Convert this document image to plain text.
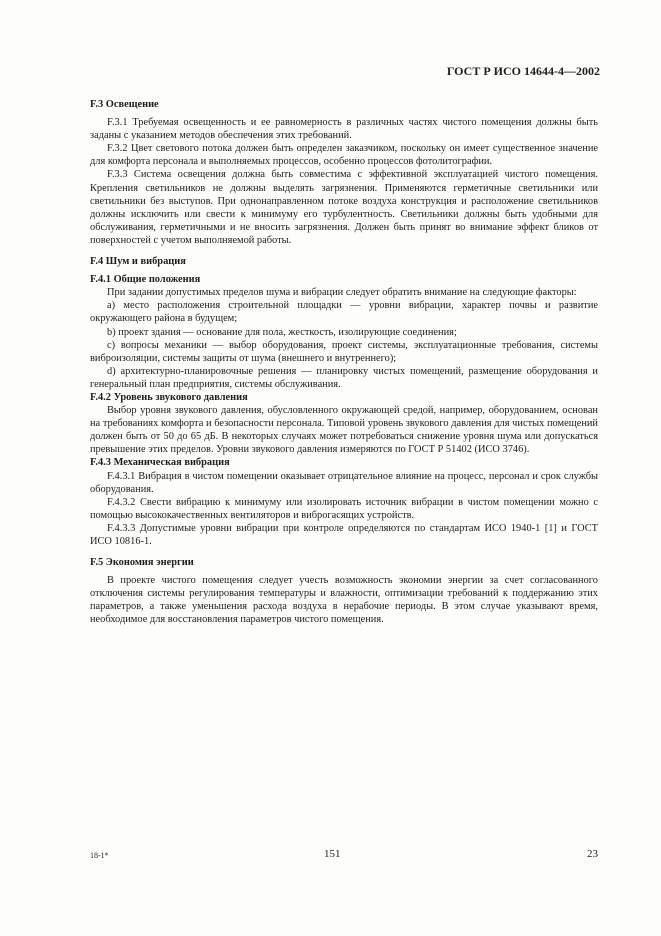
ГОСТ Р ИСО 14644-4—2002
F.3 Освещение

F.3.1 Требуемая освещенность и ее равномерность в различных частях чистого помещения должны быть заданы с указанием методов обеспечения этих требований.

F.3.2 Цвет светового потока должен быть определен заказчиком, поскольку он имеет существенное значение для комфорта персонала и выполняемых процессов, особенно процессов фотолитографии.

F.3.3 Система освещения должна быть совместима с эффективной эксплуатацией чистого помещения. Крепления светильников не должны выделять загрязнения. Применяются герметичные светильники или светильники без выступов. При однонаправленном потоке воздуха конструкция и расположение светильников должны исключить или свести к минимуму его турбулентность. Светильники должны быть удобными для обслуживания, герметичными и не вносить загрязнения. Должен быть принят во внимание эффект бликов от поверхностей с учетом выполняемой работы.

F.4 Шум и вибрация
F.4.1 Общие положения

При задании допустимых пределов шума и вибрации следует обратить внимание на следующие факторы:

а) место расположения строительной площадки — уровни вибрации, характер почвы и развитие окружающего района в будущем;

b) проект здания — основание для пола, жесткость, изолирующие соединения;

с) вопросы механики — выбор оборудования, проект системы, эксплуатационные требования, системы виброизоляции, системы защиты от шума (внешнего и внутреннего);

d) архитектурно-планировочные решения — планировку чистых помещений, размещение оборудования и генеральный план предприятия, системы обслуживания.

F.4.2 Уровень звукового давления

Выбор уровня звукового давления, обусловленного окружающей средой, например, оборудованием, основан на требованиях комфорта и безопасности персонала. Типовой уровень звукового давления для чистых помещений должен быть от 50 до 65 дБ. В некоторых случаях может потребоваться снижение уровня шума или допускаться превышение этих пределов. Уровни звукового давления измеряются по ГОСТ Р 51402 (ИСО 3746).

F.4.3 Механическая вибрация

F.4.3.1 Вибрация в чистом помещении оказывает отрицательное влияние на процесс, персонал и срок службы оборудования.

F.4.3.2 Свести вибрацию к минимуму или изолировать источник вибрации в чистом помещении можно с помощью высококачественных вентиляторов и виброгасящих устройств.

F.4.3.3 Допустимые уровни вибрации при контроле определяются по стандартам ИСО 1940-1 [1] и ГОСТ ИСО 10816-1.

F.5 Экономия энергии

В проекте чистого помещения следует учесть возможность экономии энергии за счет согласованного отключения системы регулирования температуры и влажности, оптимизации требований к поддержанию этих параметров, а также уменьшения расхода воздуха в нерабочие периоды. В этом случае указывают время, необходимое для восстановления параметров чистого помещения.

18-1*	151	23
